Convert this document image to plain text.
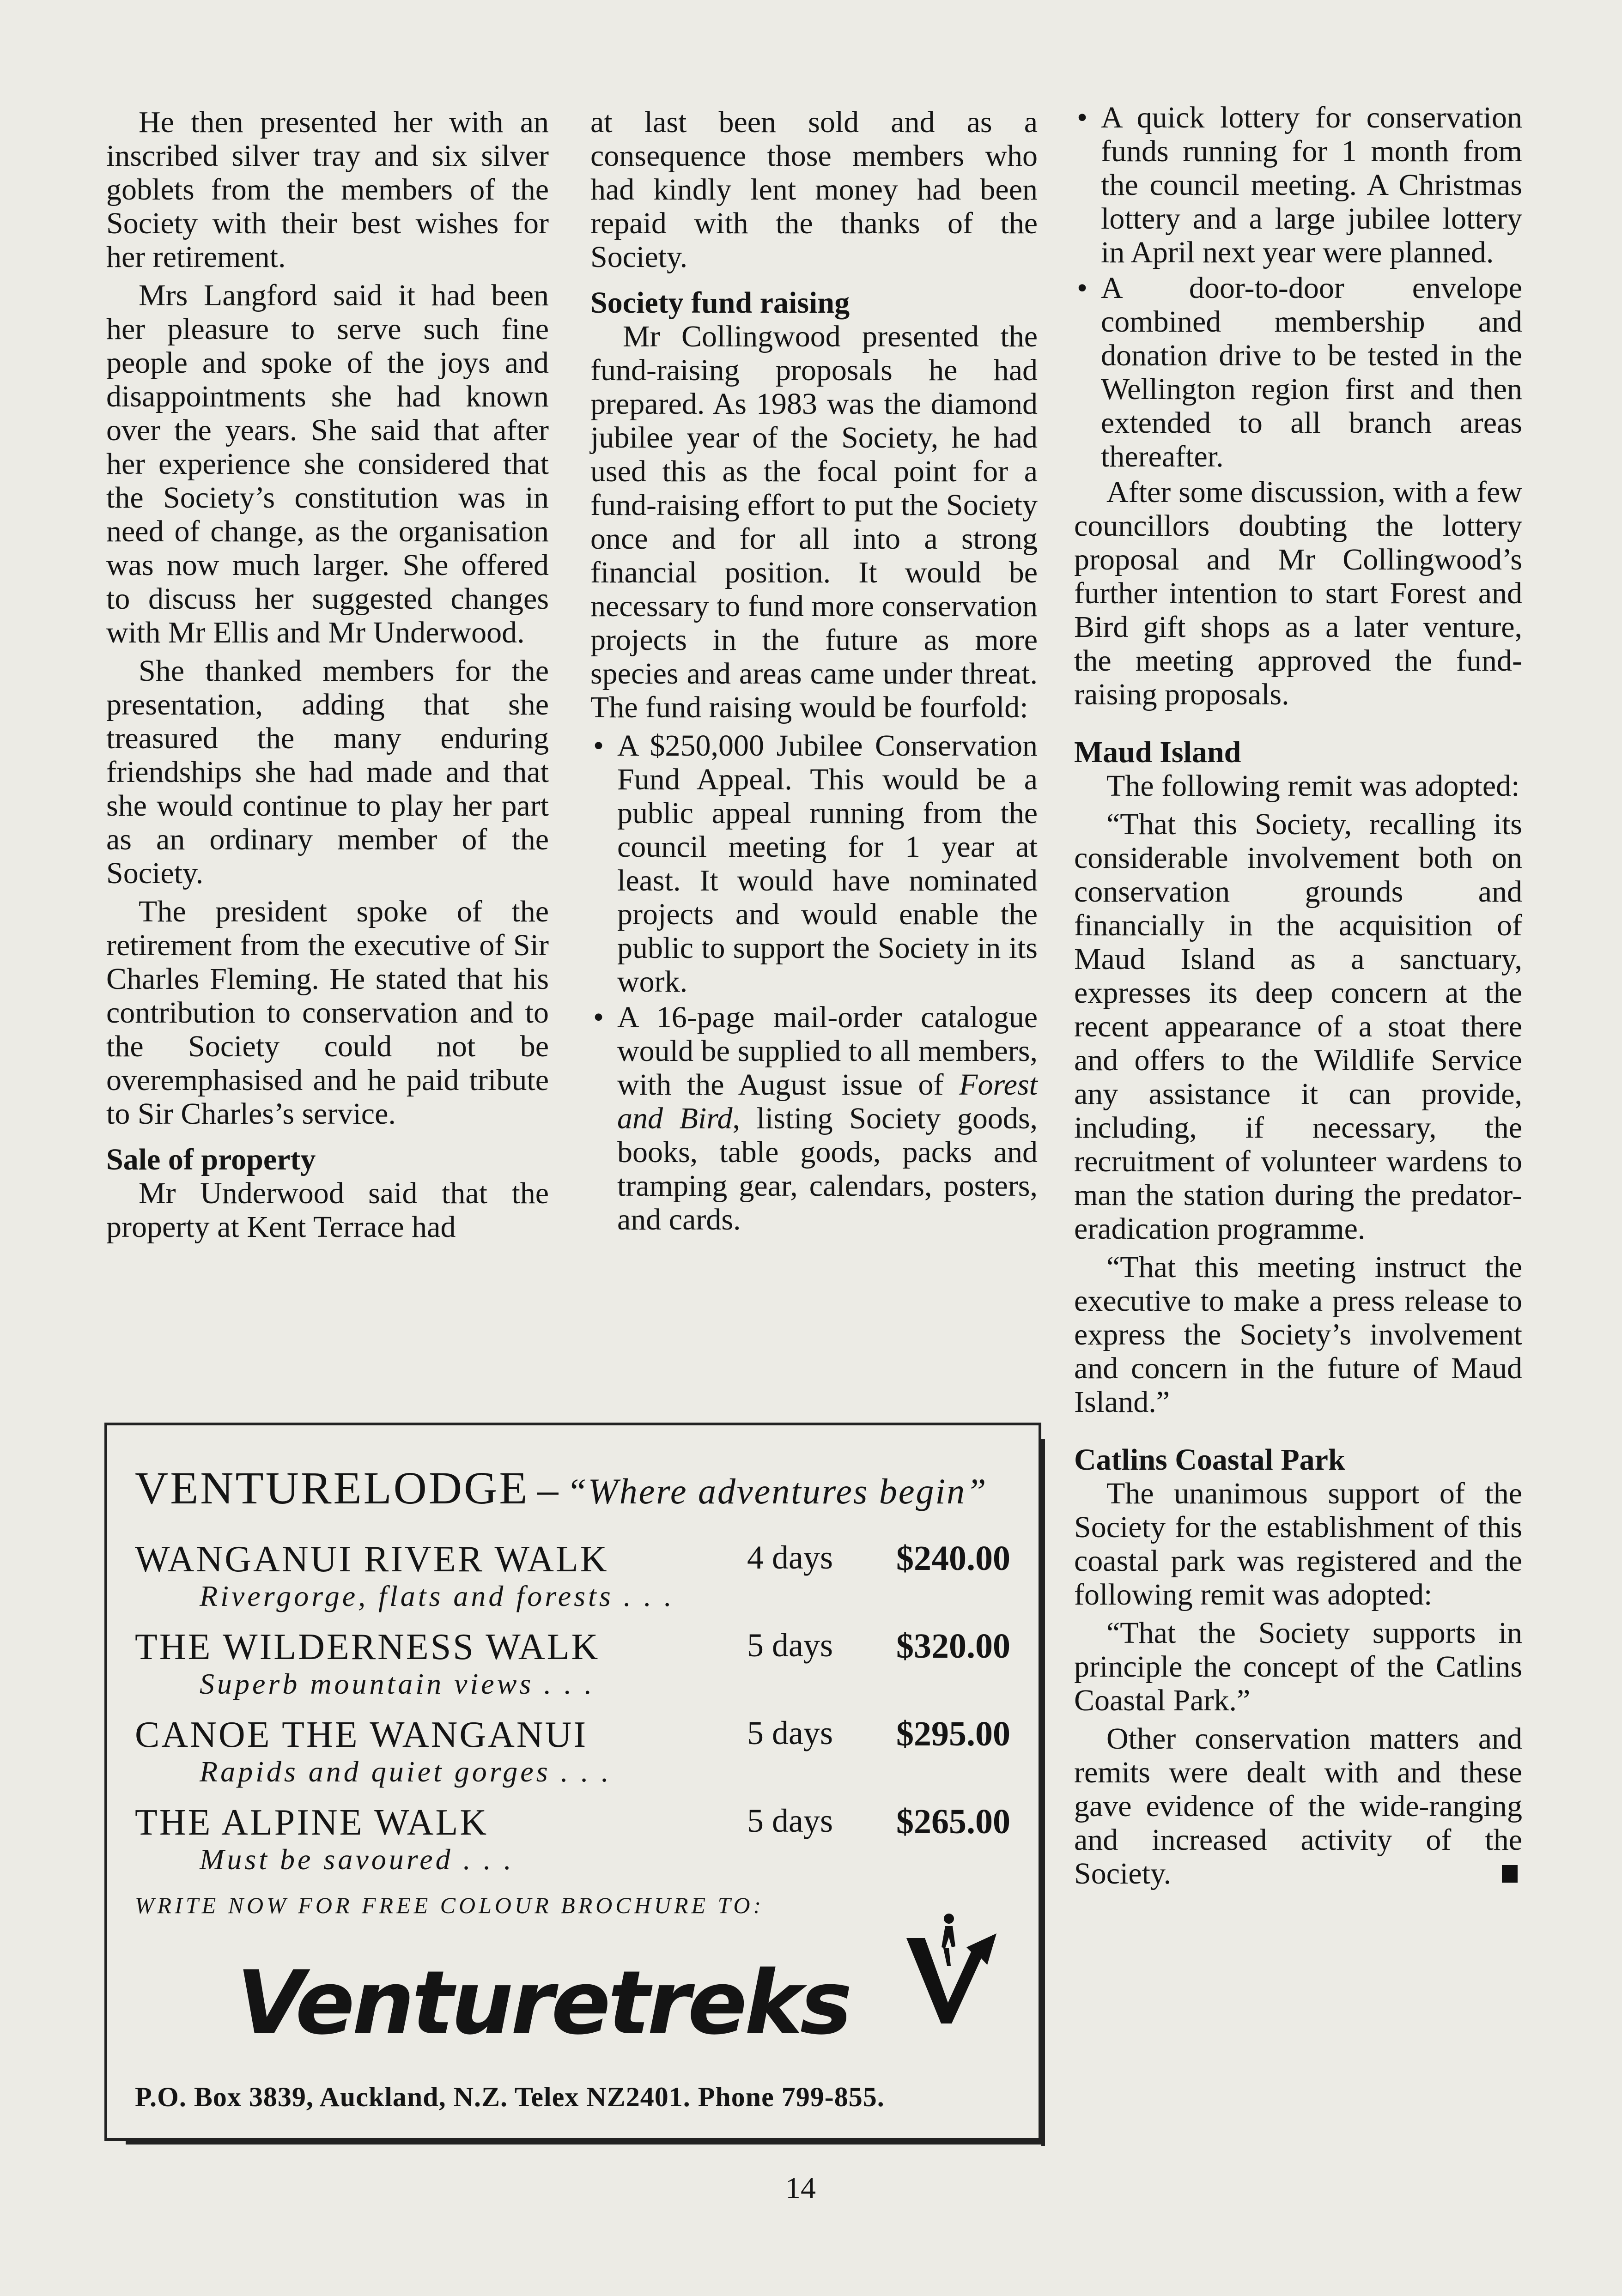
He then presented her with an inscribed silver tray and six silver goblets from the members of the Society with their best wishes for her retirement.

Mrs Langford said it had been her pleasure to serve such fine people and spoke of the joys and disappointments she had known over the years. She said that after her experience she considered that the Society’s constitution was in need of change, as the organisation was now much larger. She offered to discuss her suggested changes with Mr Ellis and Mr Underwood.

She thanked members for the presentation, adding that she treasured the many enduring friendships she had made and that she would continue to play her part as an ordinary member of the Society.

The president spoke of the retirement from the executive of Sir Charles Fleming. He stated that his contribution to conservation and to the Society could not be overemphasised and he paid tribute to Sir Charles’s service.

Sale of property

Mr Underwood said that the property at Kent Terrace had

at last been sold and as a consequence those members who had kindly lent money had been repaid with the thanks of the Society.

Society fund raising

Mr Collingwood presented the fund-raising proposals he had prepared. As 1983 was the diamond jubilee year of the Society, he had used this as the focal point for a fund-raising effort to put the Society once and for all into a strong financial position. It would be necessary to fund more conservation projects in the future as more species and areas came under threat. The fund raising would be fourfold:

• A $250,000 Jubilee Conservation Fund Appeal. This would be a public appeal running from the council meeting for 1 year at least. It would have nominated projects and would enable the public to support the Society in its work.
• A 16-page mail-order catalogue would be supplied to all members, with the August issue of Forest and Bird, listing Society goods, books, table goods, packs and tramping gear, calendars, posters, and cards.
• A quick lottery for conservation funds running for 1 month from the council meeting. A Christmas lottery and a large jubilee lottery in April next year were planned.
• A door-to-door envelope combined membership and donation drive to be tested in the Wellington region first and then extended to all branch areas thereafter.

After some discussion, with a few councillors doubting the lottery proposal and Mr Collingwood’s further intention to start Forest and Bird gift shops as a later venture, the meeting approved the fund-raising proposals.

Maud Island

The following remit was adopted:

“That this Society, recalling its considerable involvement both on conservation grounds and financially in the acquisition of Maud Island as a sanctuary, expresses its deep concern at the recent appearance of a stoat there and offers to the Wildlife Service any assistance it can provide, including, if necessary, the recruitment of volunteer wardens to man the station during the predator-eradication programme.

“That this meeting instruct the executive to make a press release to express the Society’s involvement and concern in the future of Maud Island.”

Catlins Coastal Park

The unanimous support of the Society for the establishment of this coastal park was registered and the following remit was adopted:

“That the Society supports in principle the concept of the Catlins Coastal Park.”

Other conservation matters and remits were dealt with and these gave evidence of the wide-ranging and increased activity of the Society.

VENTURELODGE – “Where adventures begin”
WANGANUI RIVER WALK	4 days $240.00
Rivergorge, flats and forests . . .
THE WILDERNESS WALK	5 days $320.00
Superb mountain views . . .
CANOE THE WANGANUI	5 days $295.00
Rapids and quiet gorges . . .
THE ALPINE WALK	5 days $265.00
Must be savoured . . .
WRITE NOW FOR FREE COLOUR BROCHURE TO:
Venturetreks
P.O. Box 3839, Auckland, N.Z. Telex NZ2401. Phone 799-855.
14
